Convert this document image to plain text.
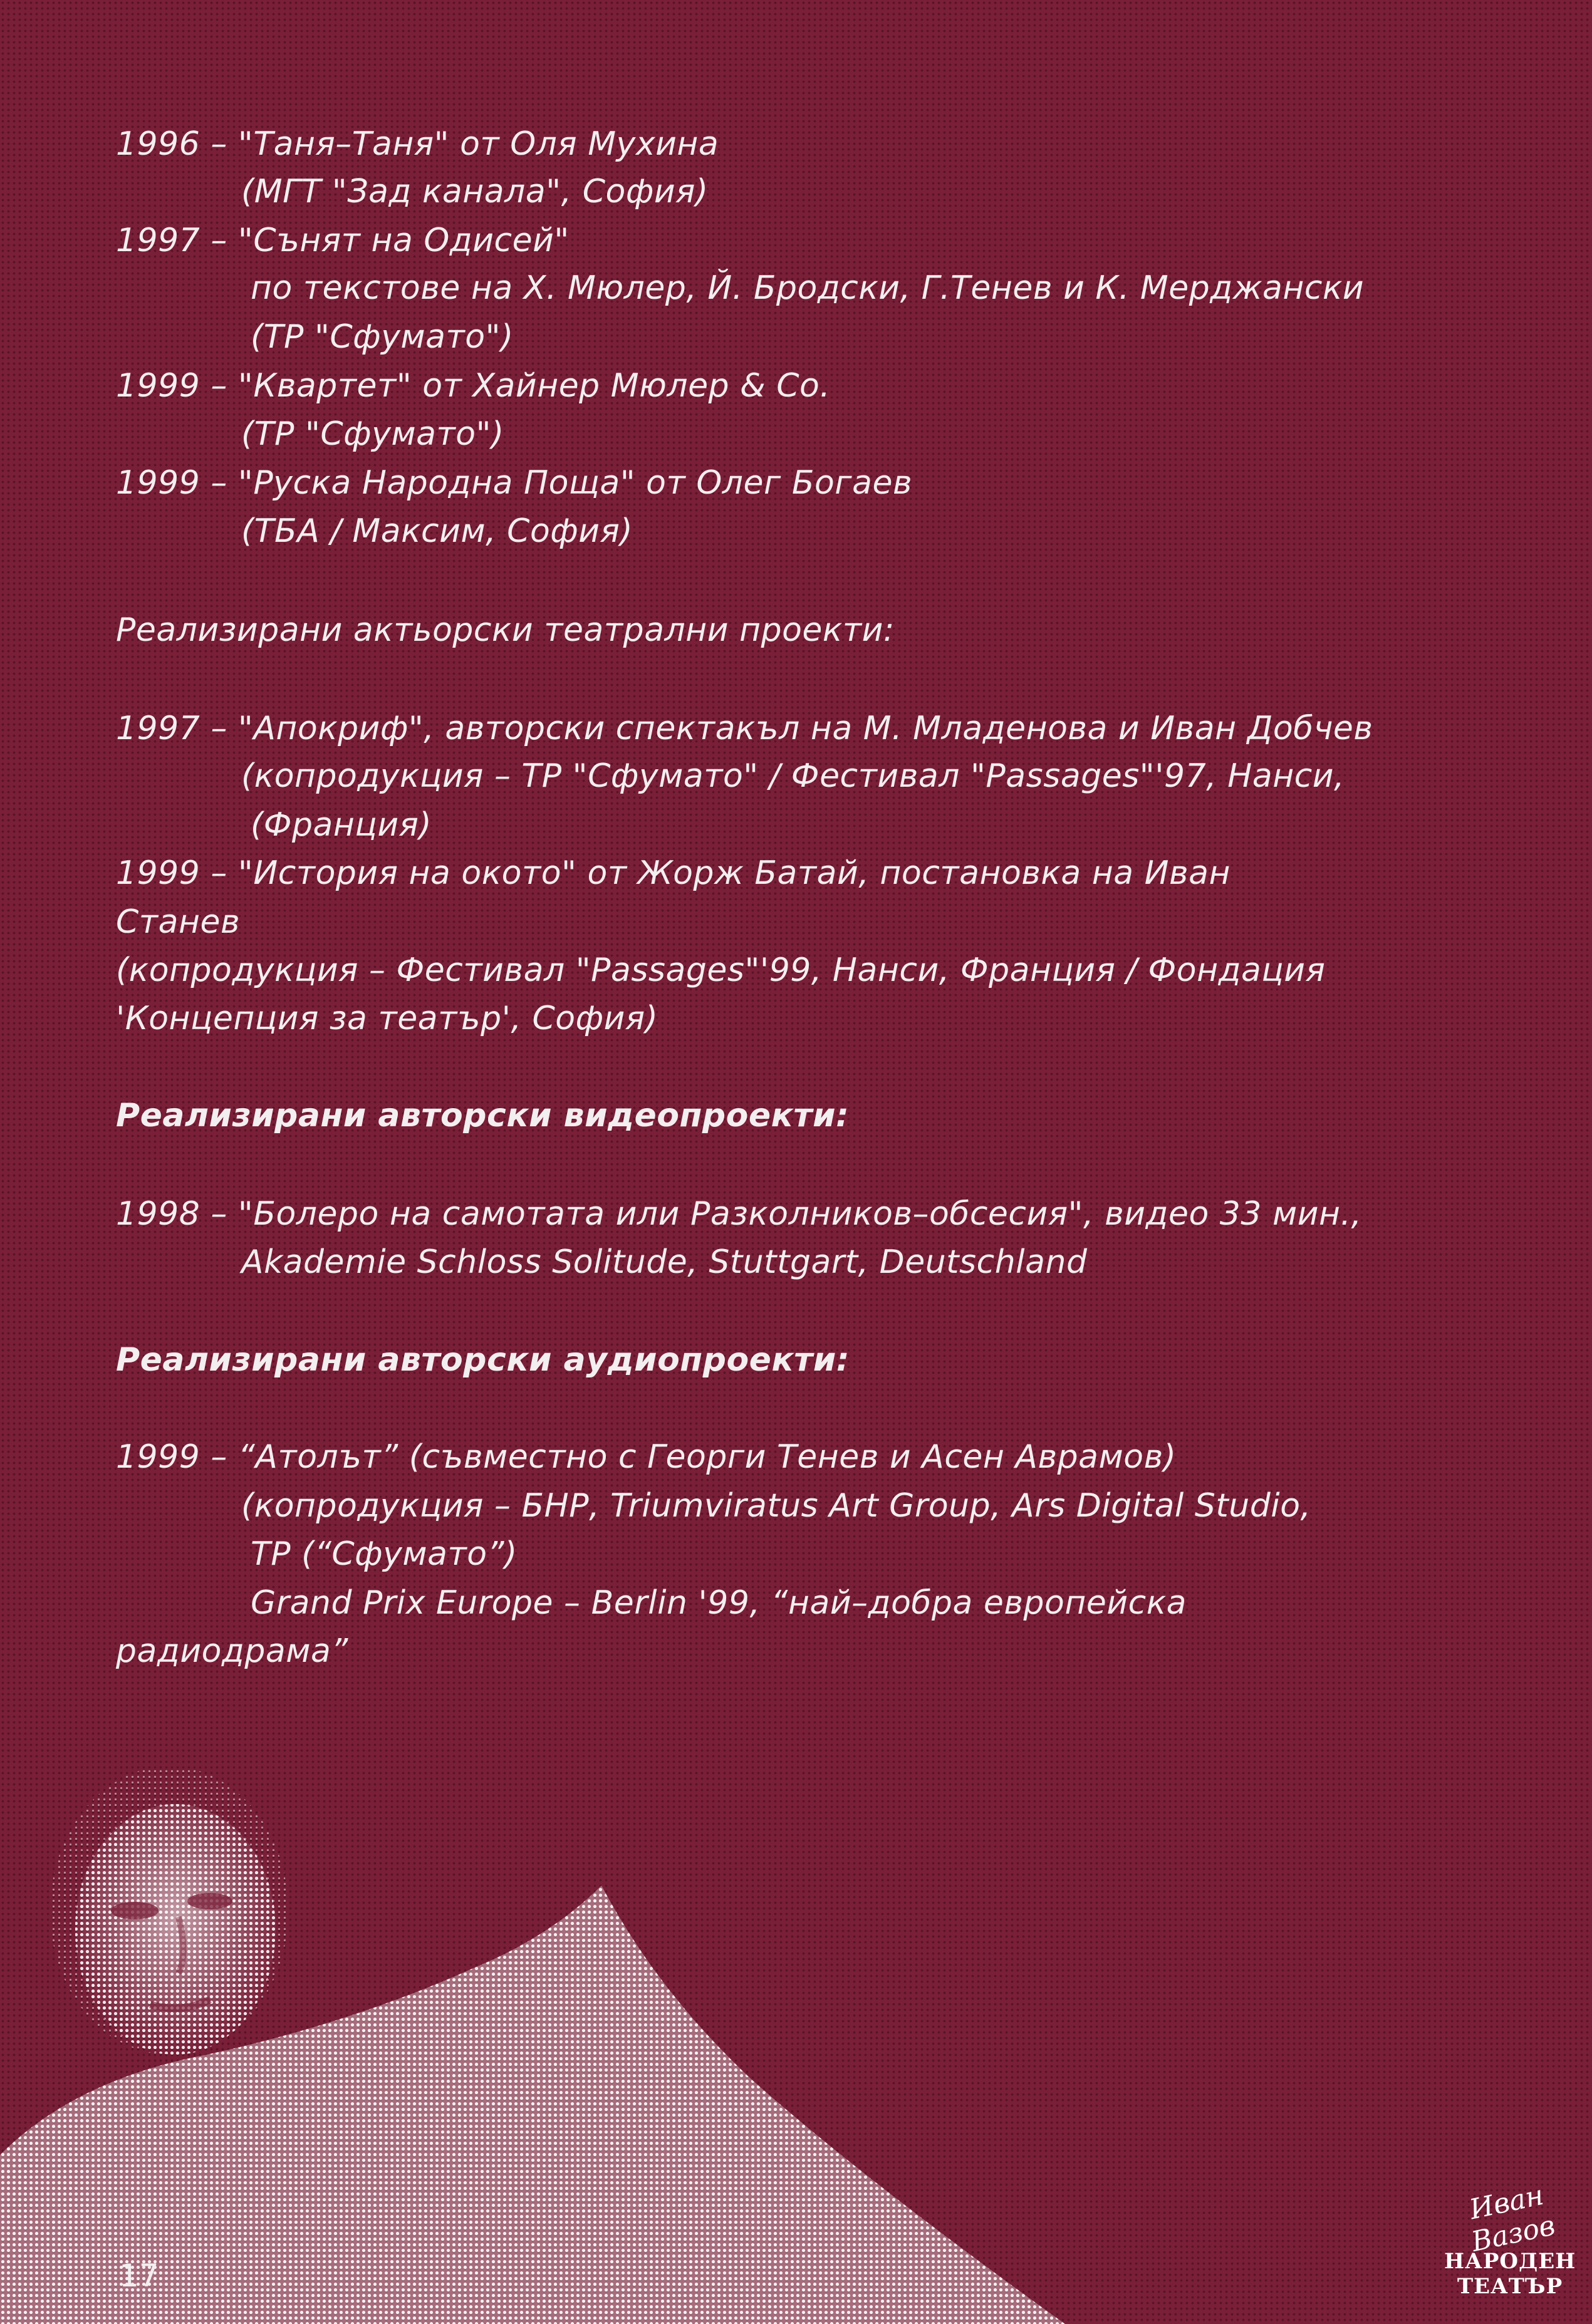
1996 – "Таня–Таня" от Оля Мухина
(МГТ "Зад канала", София)
1997 – "Сънят на Одисей"
по текстове на Х. Мюлер, Й. Бродски, Г.Тенев и К. Мерджански
(ТР "Сфумато")
1999 – "Квартет" от Хайнер Мюлер & Co.
(ТР "Сфумато")
1999 – "Руска Народна Поща" от Олег Богаев
(ТБА / Максим, София)
Реализирани актьорски театрални проекти:
1997 – "Апокриф", авторски спектакъл на М. Младенова и Иван Добчев
(копродукция – ТР "Сфумато" / Фестивал "Passages"'97, Нанси,
(Франция)
1999 – "История на окото" от Жорж Батай, постановка на Иван
Станев
(копродукция – Фестивал "Passages"'99, Нанси, Франция / Фондация
'Концепция за театър', София)
Реализирани авторски видеопроекти:
1998 – "Болеро на самотата или Разколников–обсесия", видео 33 мин.,
Akademie Schloss Solitude, Stuttgart, Deutschland
Реализирани авторски аудиопроекти:
1999 – “Атолът” (съвместно с Георги Тенев и Асен Аврамов)
(копродукция – БНР, Triumviratus Art Group, Ars Digital Studio,
ТР (“Сфумато”)
Grand Prix Europe – Berlin '99, “най–добра европейска
радиодрама”
17
Иван Вазов
НАРОДЕН
ТЕАТЪР
